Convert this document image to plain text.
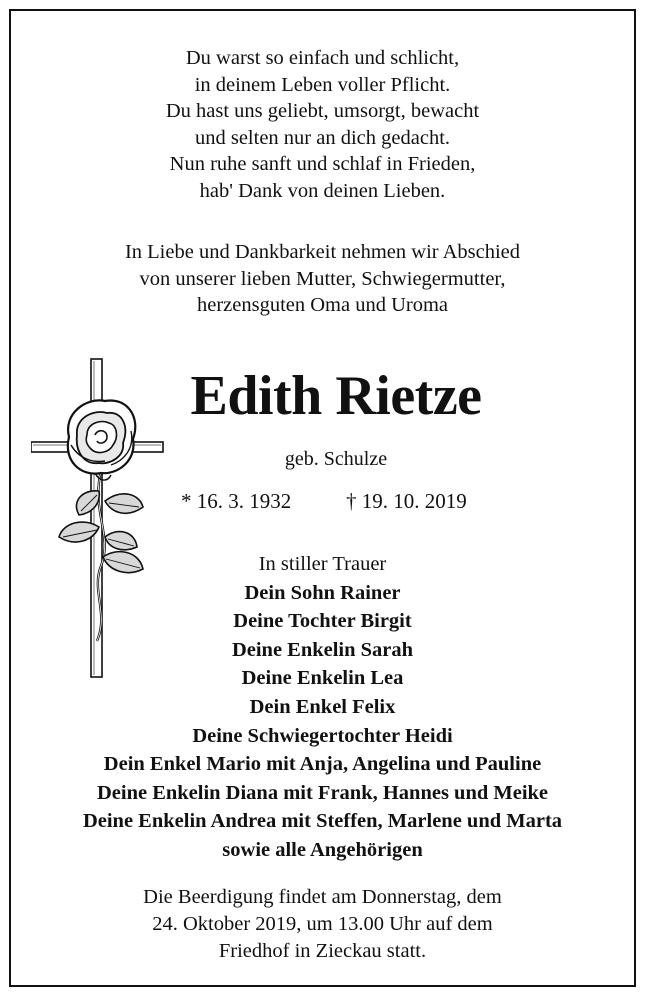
Du warst so einfach und schlicht,
in deinem Leben voller Pflicht.
Du hast uns geliebt, umsorgt, bewacht
und selten nur an dich gedacht.
Nun ruhe sanft und schlaf in Frieden,
hab' Dank von deinen Lieben.
In Liebe und Dankbarkeit nehmen wir Abschied
von unserer lieben Mutter, Schwiegermutter,
herzensguten Oma und Uroma
Edith Rietze
geb. Schulze
* 16. 3. 1932	† 19. 10. 2019
In stiller Trauer
Dein Sohn Rainer
Deine Tochter Birgit
Deine Enkelin Sarah
Deine Enkelin Lea
Dein Enkel Felix
Deine Schwiegertochter Heidi
Dein Enkel Mario mit Anja, Angelina und Pauline
Deine Enkelin Diana mit Frank, Hannes und Meike
Deine Enkelin Andrea mit Steffen, Marlene und Marta
sowie alle Angehörigen
Die Beerdigung findet am Donnerstag, dem
24. Oktober 2019, um 13.00 Uhr auf dem
Friedhof in Zieckau statt.
